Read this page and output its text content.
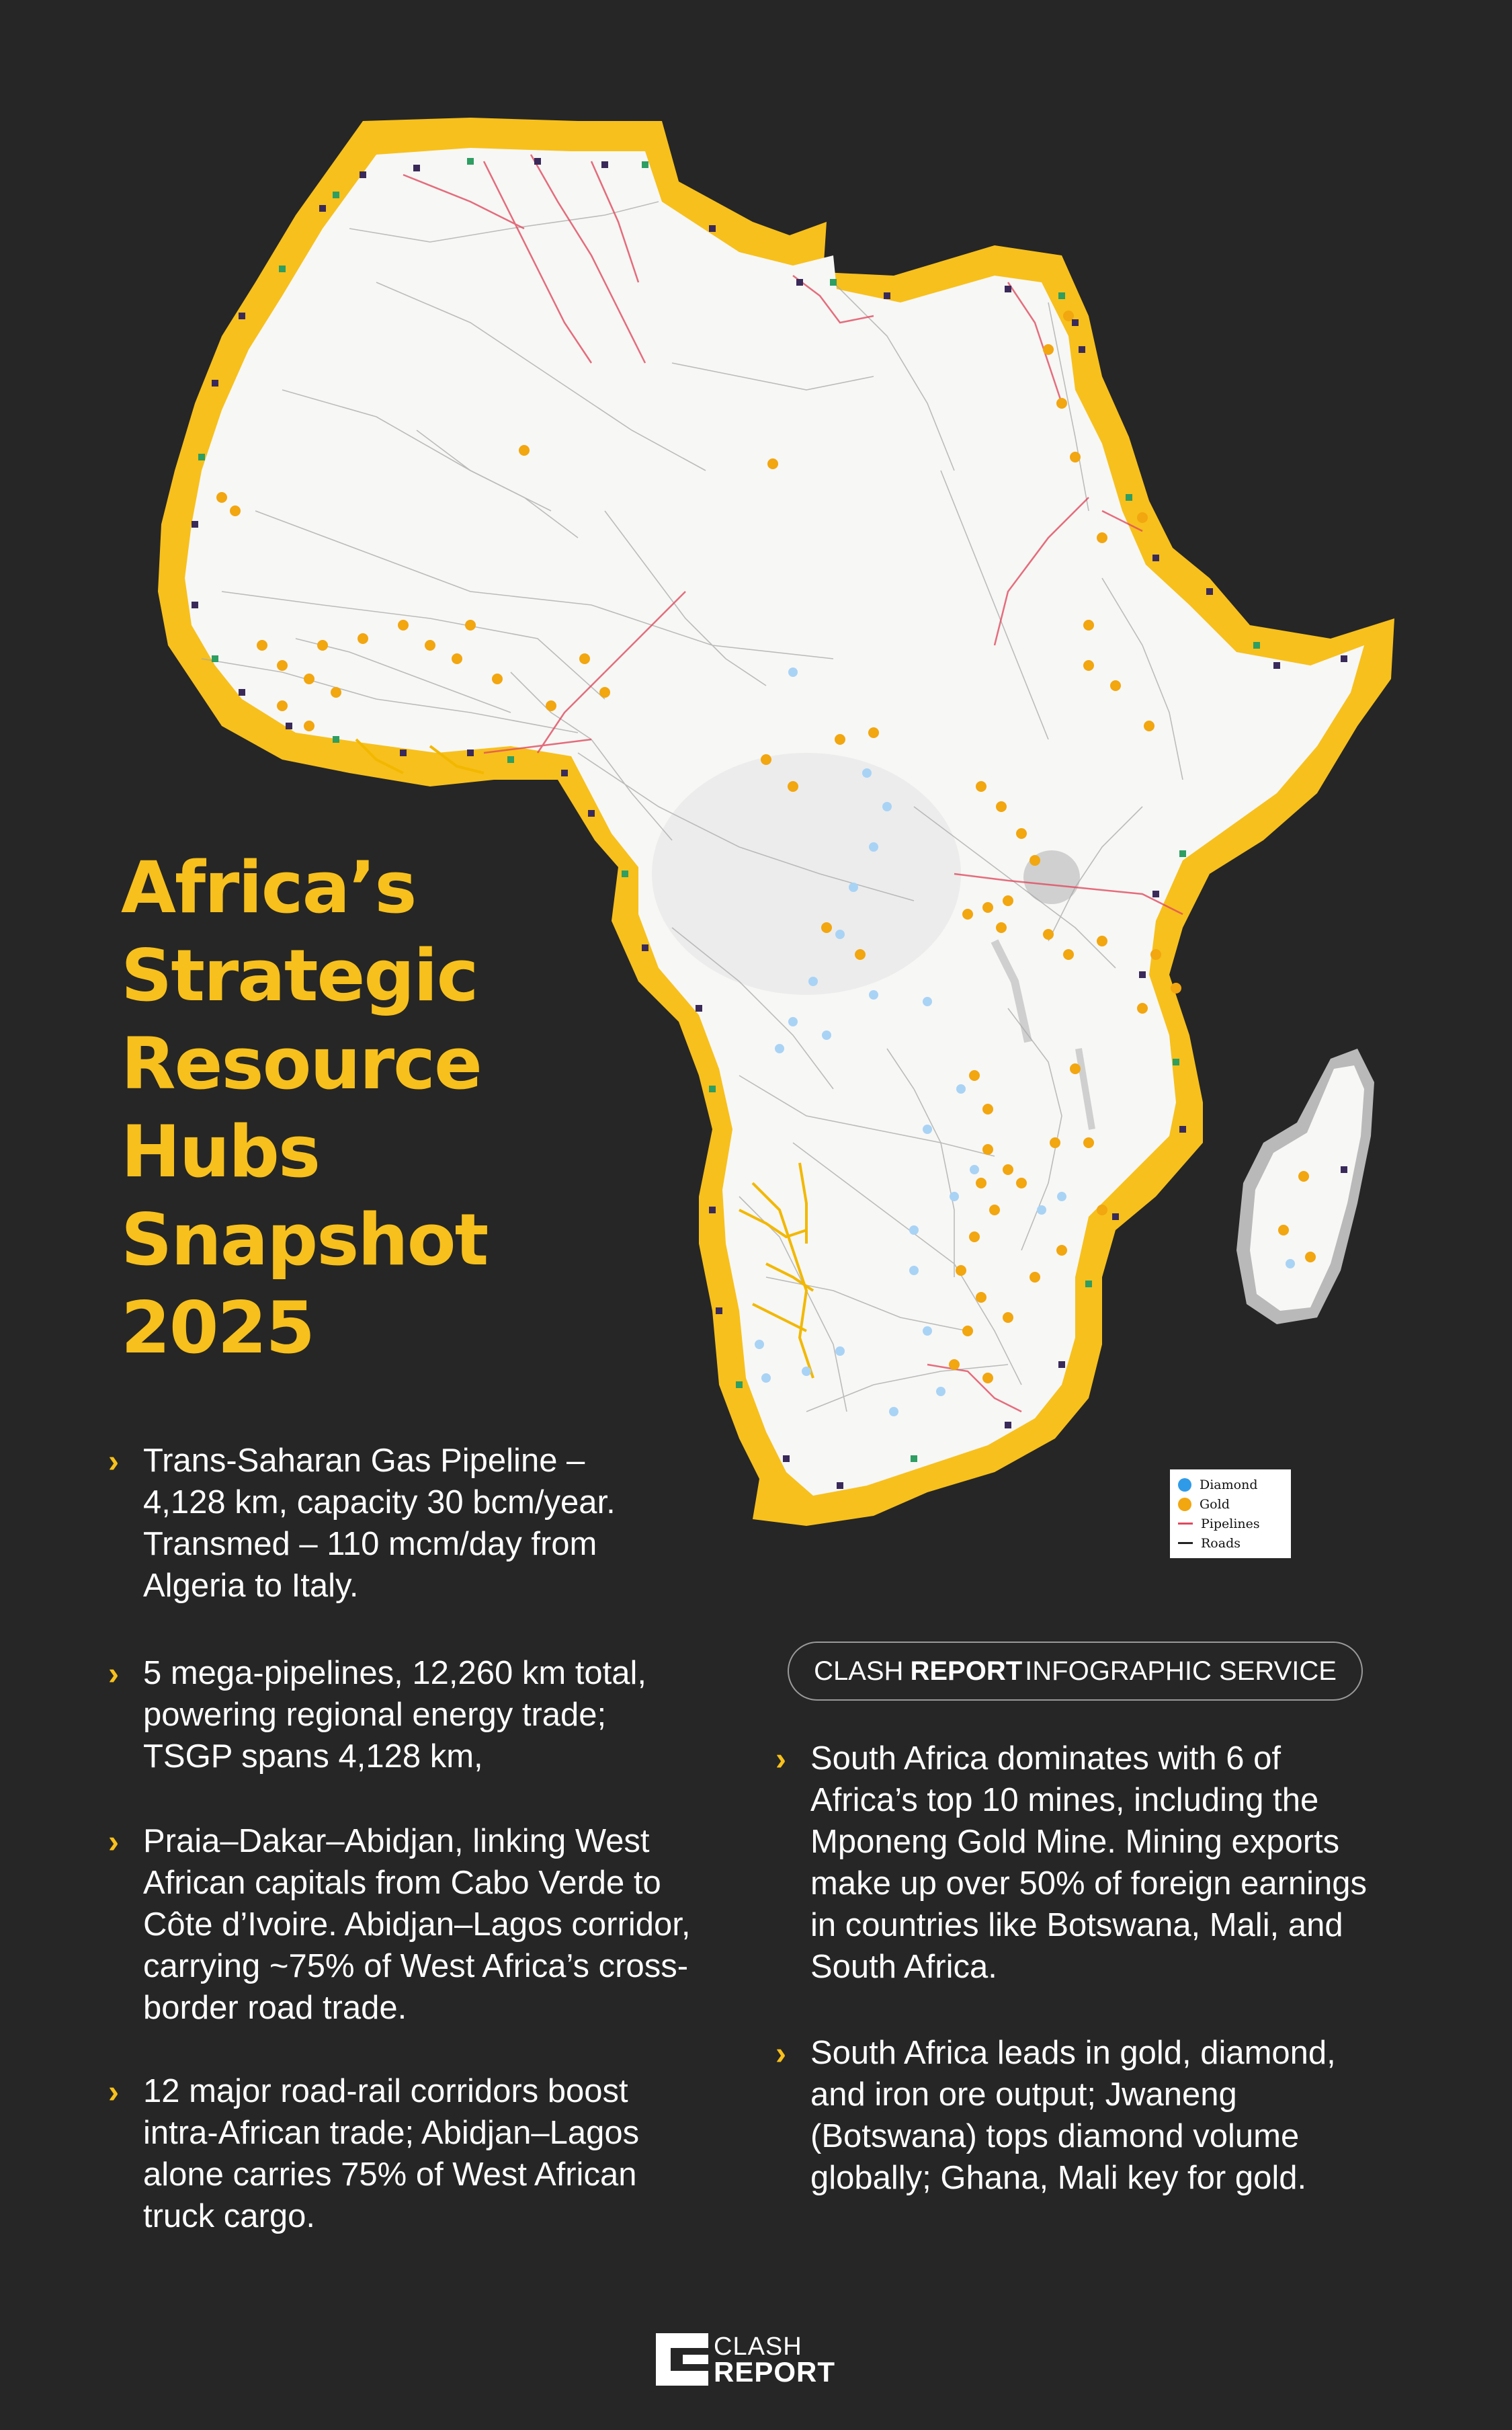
Diamond
Gold
Pipelines
Roads
Africa’s
Strategic
Resource
Hubs
Snapshot
2025
› Trans-Saharan Gas Pipeline – 4,128 km, capacity 30 bcm/year. Transmed – 110 mcm/day from Algeria to Italy.

› 5 mega-pipelines, 12,260 km total, powering regional energy trade; TSGP spans 4,128 km,

› Praia–Dakar–Abidjan, linking West African capitals from Cabo Verde to Côte d’Ivoire. Abidjan–Lagos corridor, carrying ~75% of West Africa’s cross-border road trade.

› 12 major road-rail corridors boost intra-African trade; Abidjan–Lagos alone carries 75% of West African truck cargo.

CLASH REPORT INFOGRAPHIC SERVICE
› South Africa dominates with 6 of Africa’s top 10 mines, including the Mponeng Gold Mine. Mining exports make up over 50% of foreign earnings in countries like Botswana, Mali, and South Africa.

› South Africa leads in gold, diamond, and iron ore output; Jwaneng (Botswana) tops diamond volume globally; Ghana, Mali key for gold.

CLASH
REPORT
